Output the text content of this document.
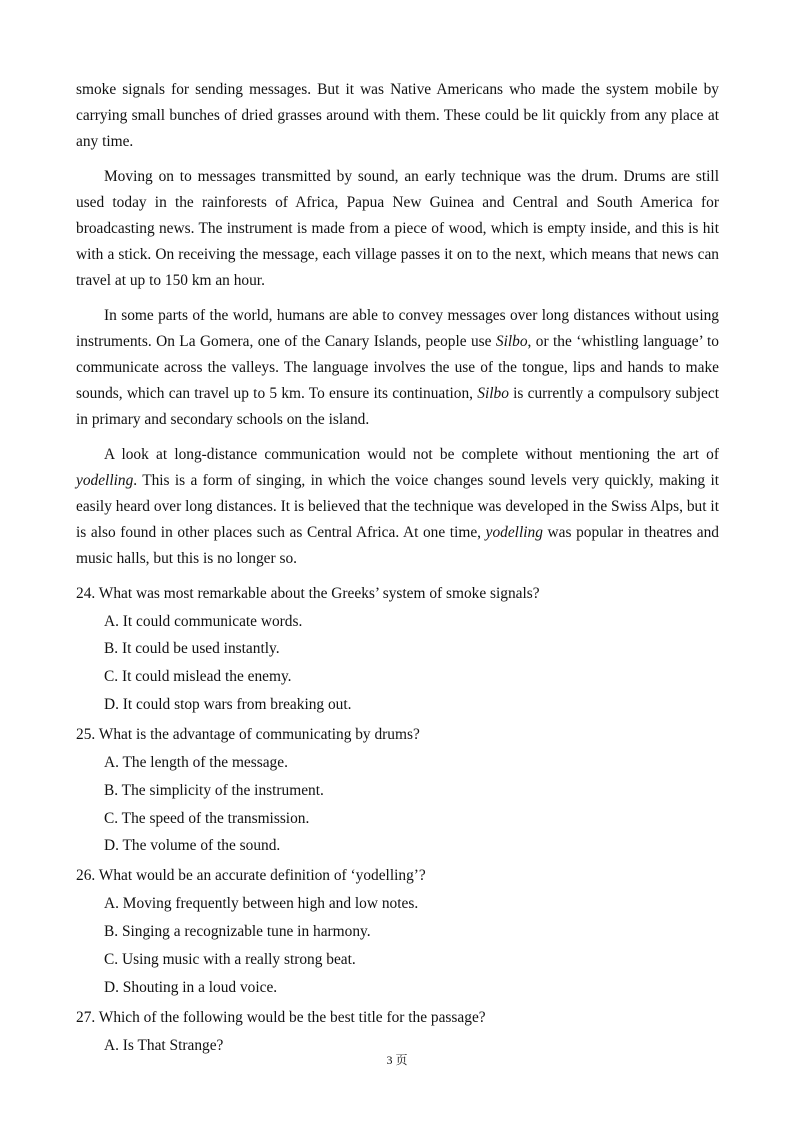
smoke signals for sending messages. But it was Native Americans who made the system mobile by carrying small bunches of dried grasses around with them. These could be lit quickly from any place at any time.

Moving on to messages transmitted by sound, an early technique was the drum. Drums are still used today in the rainforests of Africa, Papua New Guinea and Central and South America for broadcasting news. The instrument is made from a piece of wood, which is empty inside, and this is hit with a stick. On receiving the message, each village passes it on to the next, which means that news can travel at up to 150 km an hour.

In some parts of the world, humans are able to convey messages over long distances without using instruments. On La Gomera, one of the Canary Islands, people use Silbo, or the ‘whistling language’ to communicate across the valleys. The language involves the use of the tongue, lips and hands to make sounds, which can travel up to 5 km. To ensure its continuation, Silbo is currently a compulsory subject in primary and secondary schools on the island.

A look at long-distance communication would not be complete without mentioning the art of yodelling. This is a form of singing, in which the voice changes sound levels very quickly, making it easily heard over long distances. It is believed that the technique was developed in the Swiss Alps, but it is also found in other places such as Central Africa. At one time, yodelling was popular in theatres and music halls, but this is no longer so.

24. What was most remarkable about the Greeks’ system of smoke signals?
A. It could communicate words.
B. It could be used instantly.
C. It could mislead the enemy.
D. It could stop wars from breaking out.
25. What is the advantage of communicating by drums?
A. The length of the message.
B. The simplicity of the instrument.
C. The speed of the transmission.
D. The volume of the sound.
26. What would be an accurate definition of ‘yodelling’?
A. Moving frequently between high and low notes.
B. Singing a recognizable tune in harmony.
C. Using music with a really strong beat.
D. Shouting in a loud voice.
27. Which of the following would be the best title for the passage?
A. Is That Strange?
3 页
